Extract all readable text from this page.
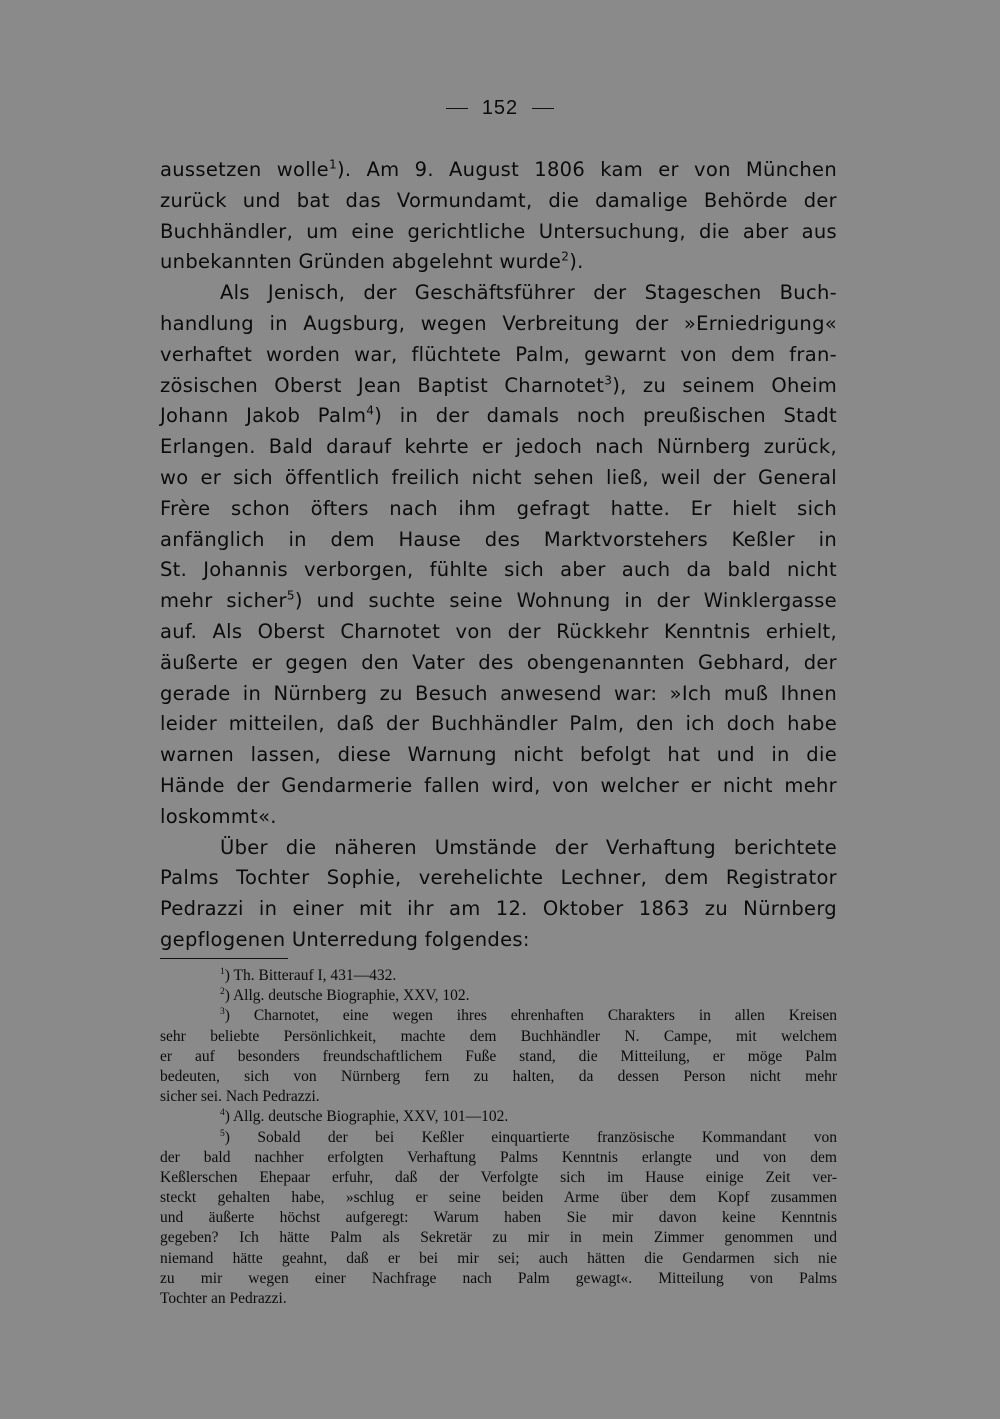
152
aussetzen wolle$^1$). Am 9. August 1806 kam er von München
zurück und bat das Vormundamt, die damalige Behörde der
Buchhändler, um eine gerichtliche Untersuchung, die aber aus
unbekannten Gründen abgelehnt wurde$^2$).
Als Jenisch, der Geschäftsführer der Stageschen Buch-
handlung in Augsburg, wegen Verbreitung der »Erniedrigung«
verhaftet worden war, flüchtete Palm, gewarnt von dem fran-
zösischen Oberst Jean Baptist Charnotet$^3$), zu seinem Oheim
Johann Jakob Palm$^4$) in der damals noch preußischen Stadt
Erlangen. Bald darauf kehrte er jedoch nach Nürnberg zurück,
wo er sich öffentlich freilich nicht sehen ließ, weil der General
Frère schon öfters nach ihm gefragt hatte. Er hielt sich
anfänglich in dem Hause des Marktvorstehers Keßler in
St. Johannis verborgen, fühlte sich aber auch da bald nicht
mehr sicher$^5$) und suchte seine Wohnung in der Winklergasse
auf. Als Oberst Charnotet von der Rückkehr Kenntnis erhielt,
äußerte er gegen den Vater des obengenannten Gebhard, der
gerade in Nürnberg zu Besuch anwesend war: »Ich muß Ihnen
leider mitteilen, daß der Buchhändler Palm, den ich doch habe
warnen lassen, diese Warnung nicht befolgt hat und in die
Hände der Gendarmerie fallen wird, von welcher er nicht mehr
loskommt«.
Über die näheren Umstände der Verhaftung berichtete
Palms Tochter Sophie, verehelichte Lechner, dem Registrator
Pedrazzi in einer mit ihr am 12. Oktober 1863 zu Nürnberg
gepflogenen Unterredung folgendes:
$^1$) Th. Bitterauf I, 431—432.
$^2$) Allg. deutsche Biographie, XXV, 102.
$^3$) Charnotet, eine wegen ihres ehrenhaften Charakters in allen Kreisen
sehr beliebte Persönlichkeit, machte dem Buchhändler N. Campe, mit welchem
er auf besonders freundschaftlichem Fuße stand, die Mitteilung, er möge Palm
bedeuten, sich von Nürnberg fern zu halten, da dessen Person nicht mehr
sicher sei. Nach Pedrazzi.
$^4$) Allg. deutsche Biographie, XXV, 101—102.
$^5$) Sobald der bei Keßler einquartierte französische Kommandant von
der bald nachher erfolgten Verhaftung Palms Kenntnis erlangte und von dem
Keßlerschen Ehepaar erfuhr, daß der Verfolgte sich im Hause einige Zeit ver-
steckt gehalten habe, »schlug er seine beiden Arme über dem Kopf zusammen
und äußerte höchst aufgeregt: Warum haben Sie mir davon keine Kenntnis
gegeben? Ich hätte Palm als Sekretär zu mir in mein Zimmer genommen und
niemand hätte geahnt, daß er bei mir sei; auch hätten die Gendarmen sich nie
zu mir wegen einer Nachfrage nach Palm gewagt«. Mitteilung von Palms
Tochter an Pedrazzi.
